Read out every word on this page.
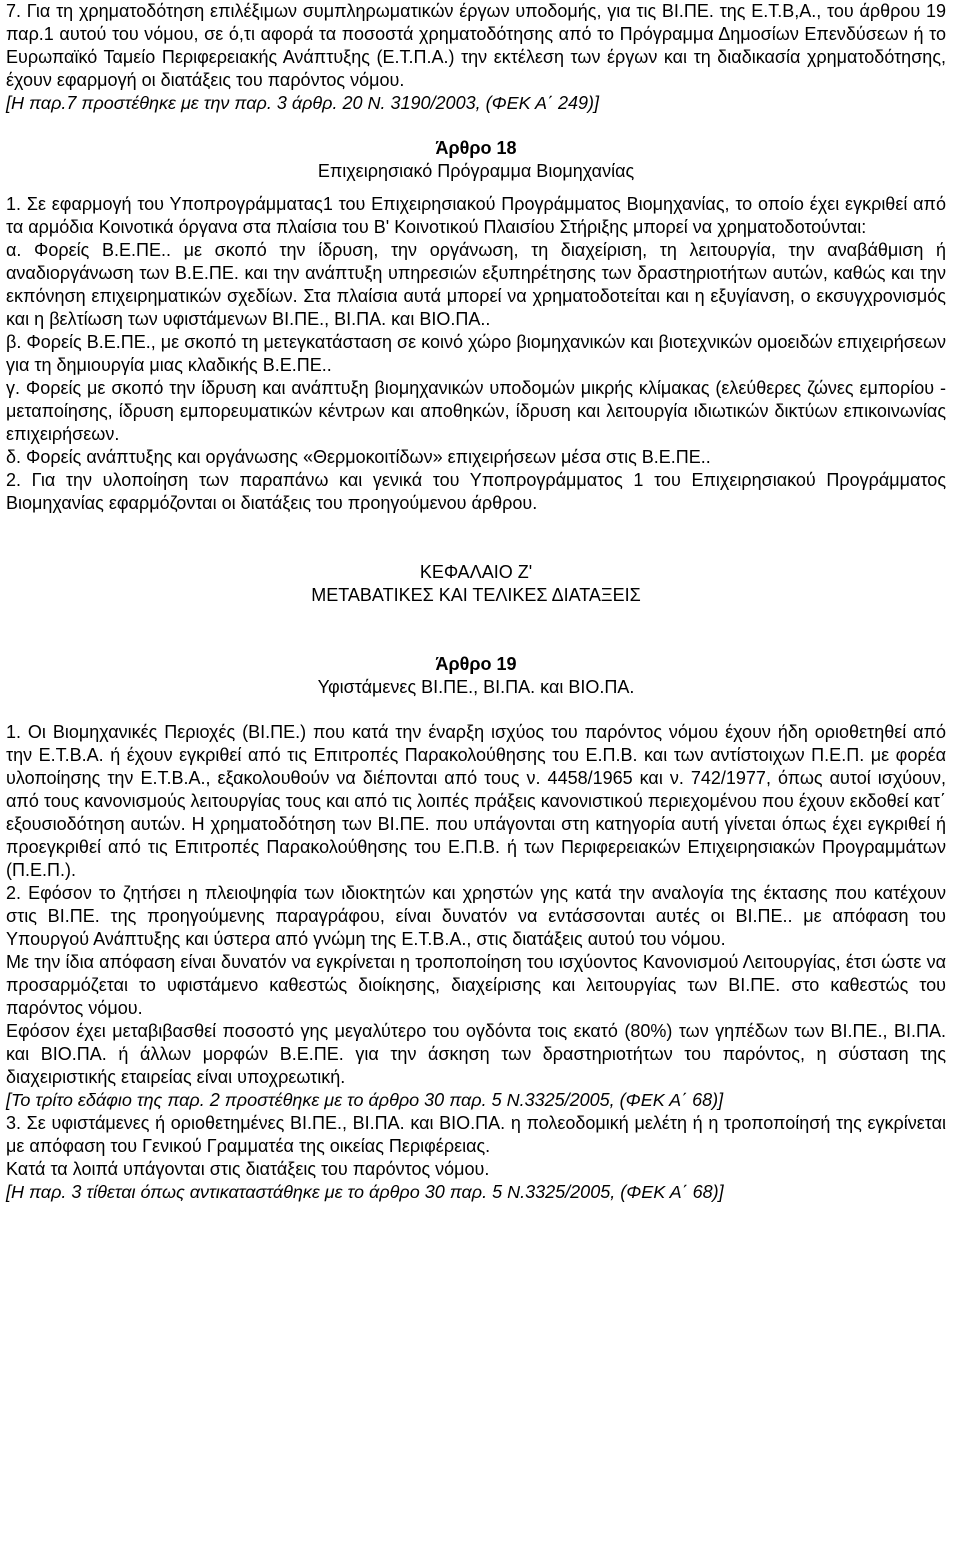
7. Για τη χρηματοδότηση επιλέξιμων συμπληρωματικών έργων υποδομής, για τις ΒΙ.ΠΕ. της Ε.Τ.Β,Α., του άρθρου 19 παρ.1 αυτού του νόμου, σε ό,τι αφορά τα ποσοστά χρηματοδότησης από το Πρόγραμμα Δημοσίων Επενδύσεων ή το Ευρωπαϊκό Ταμείο Περιφερειακής Ανάπτυξης (Ε.Τ.Π.Α.) την εκτέλεση των έργων και τη διαδικασία χρηματοδότησης, έχουν εφαρμογή οι διατάξεις του παρόντος νόμου.

[Η παρ.7 προστέθηκε με την παρ. 3 άρθρ. 20 Ν. 3190/2003, (ΦΕΚ Α΄ 249)]

Άρθρο 18

Επιχειρησιακό Πρόγραμμα Βιομηχανίας

1. Σε εφαρμογή του Υποπρογράμματας1 του Επιχειρησιακού Προγράμματος Βιομηχανίας, το οποίο έχει εγκριθεί από τα αρμόδια Κοινοτικά όργανα στα πλαίσια του Β' Κοινοτικού Πλαισίου Στήριξης μπορεί να χρηματοδοτούνται:

α. Φορείς Β.Ε.ΠΕ.. με σκοπό την ίδρυση, την οργάνωση, τη διαχείριση, τη λειτουργία, την αναβάθμιση ή αναδιοργάνωση των Β.Ε.ΠΕ. και την ανάπτυξη υπηρεσιών εξυπηρέτησης των δραστηριοτήτων αυτών, καθώς και την εκπόνηση επιχειρηματικών σχεδίων. Στα πλαίσια αυτά μπορεί να χρηματοδοτείται και η εξυγίανση, ο εκσυγχρονισμός και η βελτίωση των υφιστάμενων ΒΙ.ΠΕ., ΒΙ.ΠΑ. και ΒΙΟ.ΠΑ..

β. Φορείς Β.Ε.ΠΕ., με σκοπό τη μετεγκατάσταση σε κοινό χώρο βιομηχανικών και βιοτεχνικών ομοειδών επιχειρήσεων για τη δημιουργία μιας κλαδικής Β.Ε.ΠΕ..

γ. Φορείς με σκοπό την ίδρυση και ανάπτυξη βιομηχανικών υποδομών μικρής κλίμακας (ελεύθερες ζώνες εμπορίου - μεταποίησης, ίδρυση εμπορευματικών κέντρων και αποθηκών, ίδρυση και λειτουργία ιδιωτικών δικτύων επικοινωνίας επιχειρήσεων.

δ. Φορείς ανάπτυξης και οργάνωσης «Θερμοκοιτίδων» επιχειρήσεων μέσα στις Β.Ε.ΠΕ..

2. Για την υλοποίηση των παραπάνω και γενικά του Υποπρογράμματος 1 του Επιχειρησιακού Προγράμματος Βιομηχανίας εφαρμόζονται οι διατάξεις του προηγούμενου άρθρου.

ΚΕΦΑΛΑΙΟ Ζ'

ΜΕΤΑΒΑΤΙΚΕΣ ΚΑΙ ΤΕΛΙΚΕΣ ΔΙΑΤΑΞΕΙΣ

Άρθρο 19

Υφιστάμενες ΒΙ.ΠΕ., ΒΙ.ΠΑ. και ΒΙΟ.ΠΑ.

1. Οι Βιομηχανικές Περιοχές (ΒΙ.ΠΕ.) που κατά την έναρξη ισχύος του παρόντος νόμου έχουν ήδη οριοθετηθεί από την Ε.Τ.Β.Α. ή έχουν εγκριθεί από τις Επιτροπές Παρακολούθησης του Ε.Π.Β. και των αντίστοιχων Π.Ε.Π. με φορέα υλοποίησης την Ε.Τ.Β.Α., εξακολουθούν να διέπονται από τους ν. 4458/1965 και ν. 742/1977, όπως αυτοί ισχύουν, από τους κανονισμούς λειτουργίας τους και από τις λοιπές πράξεις κανονιστικού περιεχομένου που έχουν εκδοθεί κατ΄ εξουσιοδότηση αυτών. Η χρηματοδότηση των ΒΙ.ΠΕ. που υπάγονται στη κατηγορία αυτή γίνεται όπως έχει εγκριθεί ή προεγκριθεί από τις Επιτροπές Παρακολούθησης του Ε.Π.Β. ή των Περιφερειακών Επιχειρησιακών Προγραμμάτων (Π.Ε.Π.).

2. Εφόσον το ζητήσει η πλειοψηφία των ιδιοκτητών και χρηστών γης κατά την αναλογία της έκτασης που κατέχουν στις ΒΙ.ΠΕ. της προηγούμενης παραγράφου, είναι δυνατόν να εντάσσονται αυτές οι ΒΙ.ΠΕ.. με απόφαση του Υπουργού Ανάπτυξης και ύστερα από γνώμη της Ε.Τ.Β.Α., στις διατάξεις αυτού του νόμου.

Με την ίδια απόφαση είναι δυνατόν να εγκρίνεται η τροποποίηση του ισχύοντος Κανονισμού Λειτουργίας, έτσι ώστε να προσαρμόζεται το υφιστάμενο καθεστώς διοίκησης, διαχείρισης και λειτουργίας των ΒΙ.ΠΕ. στο καθεστώς του παρόντος νόμου.

Εφόσον έχει μεταβιβασθεί ποσοστό γης μεγαλύτερο του ογδόντα τοις εκατό (80%) των γηπέδων των ΒΙ.ΠΕ., ΒΙ.ΠΑ. και ΒΙΟ.ΠΑ. ή άλλων μορφών Β.Ε.ΠΕ. για την άσκηση των δραστηριοτήτων του παρόντος, η σύσταση της διαχειριστικής εταιρείας είναι υποχρεωτική.

[Το τρίτο εδάφιο της παρ. 2 προστέθηκε με το άρθρο 30 παρ. 5 Ν.3325/2005, (ΦΕΚ Α΄ 68)]

3. Σε υφιστάμενες ή οριοθετημένες ΒΙ.ΠΕ., ΒΙ.ΠΑ. και ΒΙΟ.ΠΑ. η πολεοδομική μελέτη ή η τροποποίησή της εγκρίνεται με απόφαση του Γενικού Γραμματέα της οικείας Περιφέρειας.

Κατά τα λοιπά υπάγονται στις διατάξεις του παρόντος νόμου.

[Η παρ. 3 τίθεται όπως αντικαταστάθηκε με το άρθρο 30 παρ. 5 Ν.3325/2005, (ΦΕΚ Α΄ 68)]
